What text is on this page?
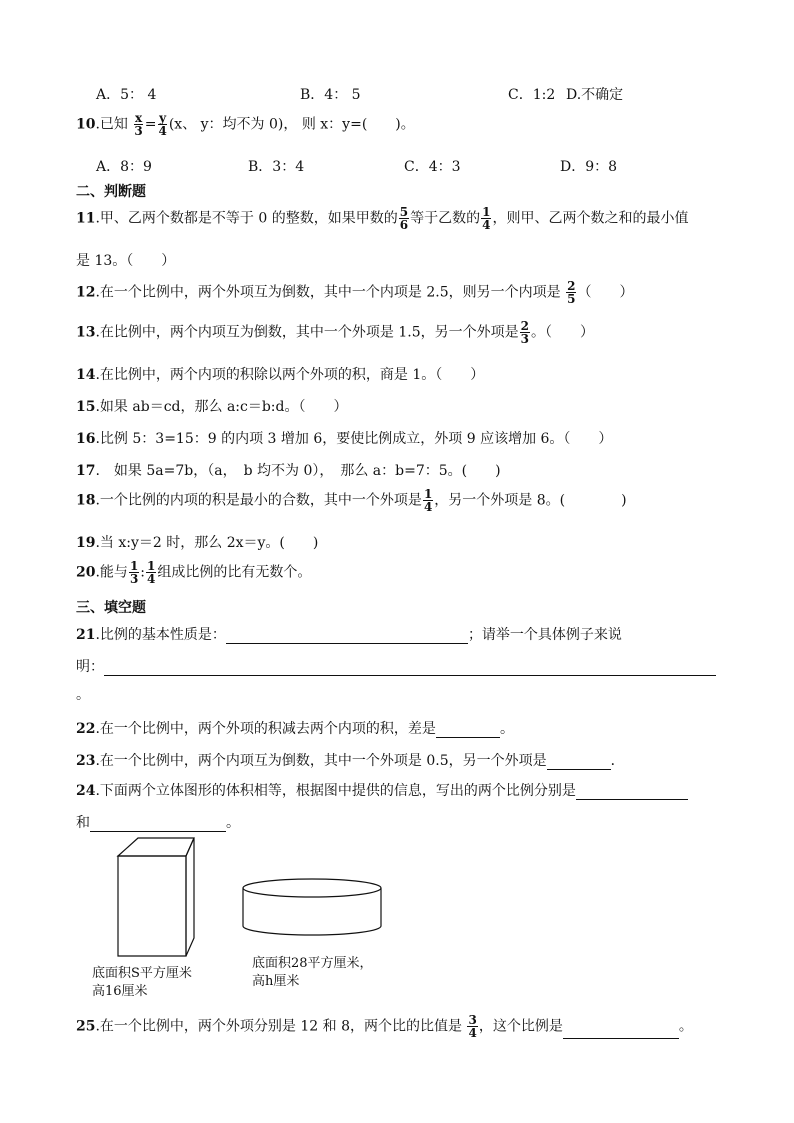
A．5： 4	B．4： 5	C．1:2 D.不确定
10.已知 $\frac{x}{3} = \frac{y}{4} (x$、 y：均不为 0)， 则 x：y=(　　)。
A．8：9	B．3：4	C．4：3	D．9：8
二、判断题
11.甲、乙两个数都是不等于 0 的整数，如果甲数的 $\frac{5}{6}$ 等于乙数的 $\frac{1}{4}$ ，则甲、乙两个数之和的最小值
是 13。（　　）
12.在一个比例中，两个外项互为倒数，其中一个内项是 2.5，则另一个内项是 $\frac{2}{5}$ （　　）
13.在比例中，两个内项互为倒数，其中一个外项是 1.5，另一个外项是 $\frac{2}{3}$ 。（　　）
14.在比例中，两个内项的积除以两个外项的积，商是 1。（　　）
15.如果 ab＝cd，那么 a:c＝b:d。（　　）
16.比例 5：3=15：9 的内项 3 增加 6，要使比例成立，外项 9 应该增加 6。（　　）
17.　如果 5a=7b，（a，　b 均不为 0），　那么 a：b=7：5。(　　)
18.一个比例的内项的积是最小的合数，其中一个外项是 $\frac{1}{4}$ ，另一个外项是 8。(　　　　)
19.当 x:y＝2 时，那么 2x＝y。(　　)
20.能与 $\frac{1}{3}$ : $\frac{1}{4}$ 组成比例的比有无数个。
三、填空题
21.比例的基本性质是：	；请举一个具体例子来说
明：
。
22.在一个比例中，两个外项的积减去两个内项的积，差是	。
23.在一个比例中，两个内项互为倒数，其中一个外项是 0.5，另一个外项是	．
24.下面两个立体图形的体积相等，根据图中提供的信息，写出的两个比例分别是
和	。
底面积S平方厘米
高16厘米
底面积28平方厘米，
高h厘米
25.在一个比例中，两个外项分别是 12 和 8，两个比的比值是 $\frac{3}{4}$ ，这个比例是	。
